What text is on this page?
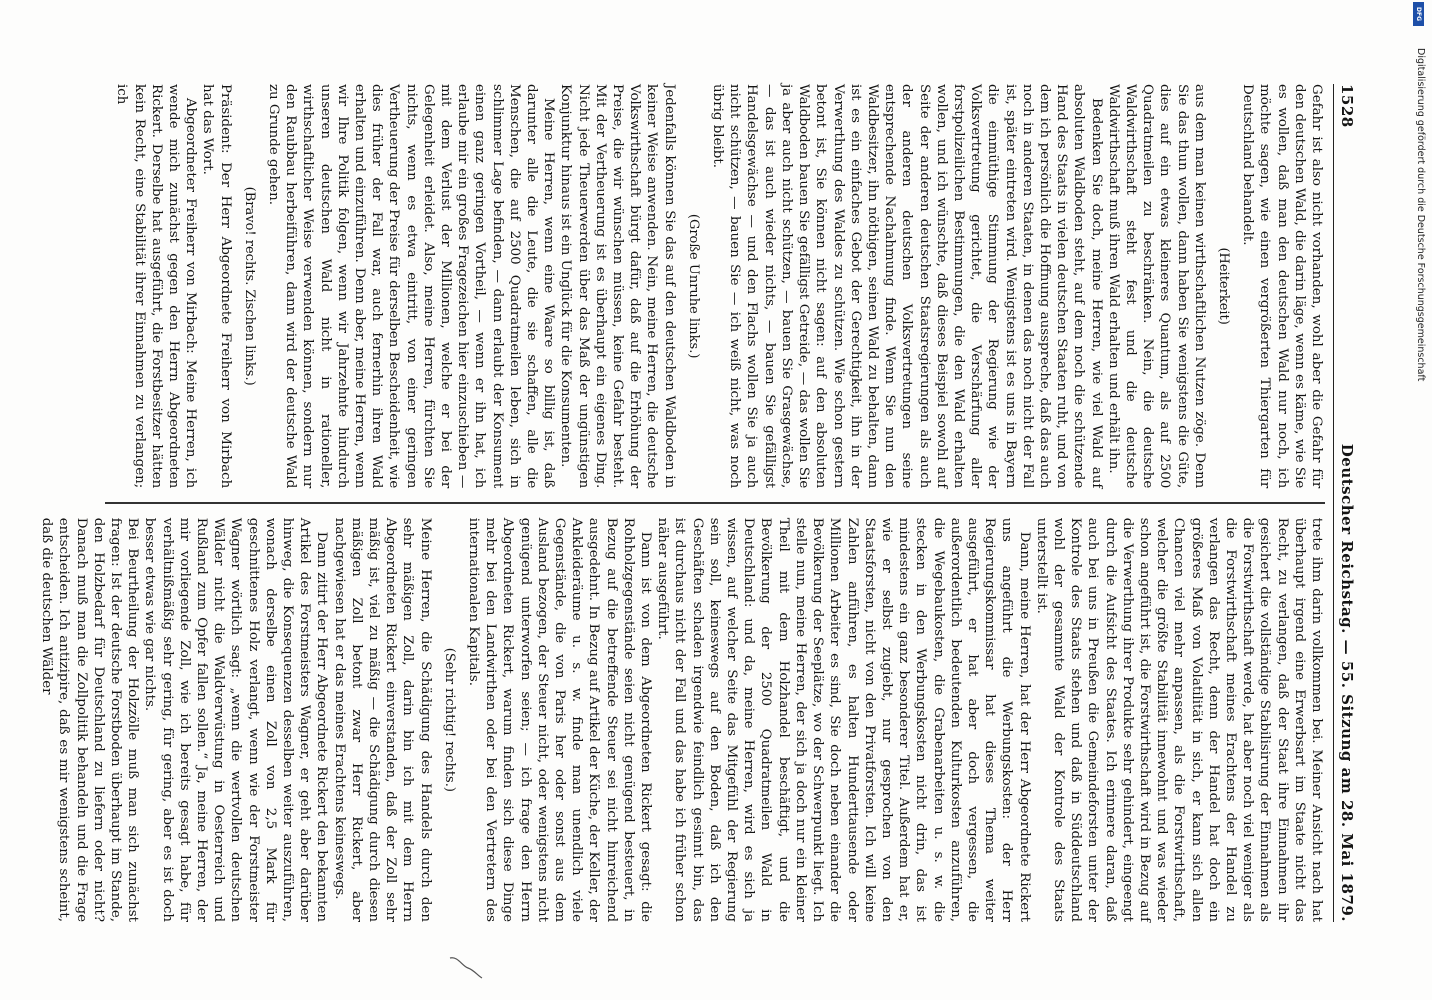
1528
Deutscher Reichstag. — 55. Sitzung am 28. Mai 1879.

Gefahr ist also nicht vorhanden, wohl aber die Gefahr für den deutschen Wald, die darin läge, wenn es käme, wie Sie es wollen, daß man den deutschen Wald nur noch, ich möchte sagen, wie einen vergrößerten Thiergarten für Deutschland behandelt.

(Heiterkeit)

aus dem man keinen wirthschaftlichen Nutzen zöge. Denn Sie das thun wollen, dann haben Sie wenigstens die Güte, dies auf ein etwas kleineres Quantum, als auf 2500 Quadratmeilen zu beschränken. Nein, die deutsche Waldwirthschaft steht fest und die deutsche Waldwirthschaft muß ihren Wald erhalten und erhält ihn.

Bedenken Sie doch, meine Herren, wie viel Wald auf absoluten Waldboden steht, auf dem noch die schützende Hand des Staats in vielen deutschen Staaten ruht, und von dem ich persönlich die Hoffnung ausspreche, daß das auch noch in anderen Staaten, in denen das noch nicht der Fall ist, später eintreten wird. Wenigstens ist es uns in Bayern die einmüthige Stimmung der Regierung wie der Volksvertretung gerichtet, die Verschärfung aller forstpolizeilichen Bestimmungen, die den Wald erhalten wollen, und ich wünschte, daß dieses Beispiel sowohl auf Seite der anderen deutschen Staatsregierungen als auch der anderen deutschen Volksvertretungen seine entsprechende Nachahmung finde. Wenn Sie nun den Waldbesitzer, ihn nöthigen, seinen Wald zu behalten, dann ist es ein einfaches Gebot der Gerechtigkeit, ihn in der Verwerthung des Waldes zu schützen. Wie schon gestern betont ist, Sie können nicht sagen: auf den absoluten Waldboden bauen Sie gefälligst Getreide, — das wollen Sie ja aber auch nicht schützen, — bauen Sie Grasgewächse, — das ist auch wieder nichts, — bauen Sie gefälligst Handelsgewächse — und den Flachs wollen Sie ja auch nicht schützen, — bauen Sie — ich weiß nicht, was noch übrig bleibt.

(Große Unruhe links.)

Jedenfalls können Sie das auf den deutschen Waldboden in keiner Weise anwenden. Nein, meine Herren, die deutsche Volkswirthschaft bürgt dafür, daß auf die Erhöhung der Preise, die wir wünschen müssen, keine Gefahr besteht. Mit der Vertheuerung ist es überhaupt ein eigenes Ding. Nicht jede Theuerwerden über das Maß der ungünstigen Konjunktur hinaus ist ein Unglück für die Konsumenten.

Meine Herren, wenn eine Waare so billig ist, daß darunter alle die Leute, die sie schaffen, alle die Menschen, die auf 2500 Quadratmeilen leben, sich in schlimmer Lage befinden, — dann erlaubt der Konsument einen ganz geringen Vortheil, — wenn er ihn hat, ich erlaube mir ein großes Fragezeichen hier einzuschieben — mit dem Verlust der Millionen, welche er bei der Gelegenheit erleidet. Also, meine Herren, fürchten Sie nichts, wenn es etwa eintritt, von einer geringen Vertheuerung der Preise für derselben Bescheidenheit, wie dies früher der Fall war, auch fernerhin ihren Wald erhalten und einzuführen. Denn aber, meine Herren, wenn wir Ihre Politik folgen, wenn wir Jahrzehnte hindurch unseren deutschen Wald nicht in rationeller, wirthschaftlicher Weise verwenden können, sondern nur den Raubbau herbeiführen, dann wird der deutsche Wald zu Grunde gehen.

(Bravo! rechts. Zischen links.)

Präsident: Der Herr Abgeordnete Freiherr von Mirbach hat das Wort.

Abgeordneter Freiherr von Mirbach: Meine Herren, ich wende mich zunächst gegen den Herrn Abgeordneten Rickert. Derselbe hat ausgeführt, die Forstbesitzer hätten kein Recht, eine Stabilität ihrer Einnahmen zu verlangen; ich

trete ihm darin vollkommen bei. Meiner Ansicht nach hat überhaupt irgend eine Erwerbsart im Staate nicht das Recht, zu verlangen, daß der Staat ihre Einnahmen ihr gesichert die vollständige Stabilisirung der Einnahmen als die Forstwirthschaft werde, hat aber noch viel weniger als die Forstwirthschaft meines Erachtens der Handel zu verlangen das Recht, denn der Handel hat doch ein größeres Maß von Volatilität in sich, er kann sich allen Chancen viel mehr anpassen, als die Forstwirthschaft, welcher die größte Stabilität innewohnt und was wieder schon angeführt ist, die Forstwirthschaft wird in Bezug auf die Verwerthung ihrer Produkte sehr gehindert, eingeengt durch die Aufsicht des Staates. Ich erinnere daran, daß auch bei uns in Preußen die Gemeindeforsten unter der Kontrole des Staats stehen und daß in Süddeutschland wohl der gesammte Wald der Kontrole des Staats unterstellt ist.

Dann, meine Herren, hat der Herr Abgeordnete Rickert uns angeführt die Werbungskosten: der Herr Regierungskommissar hat dieses Thema weiter ausgeführt, er hat aber doch vergessen, die außerordentlich bedeutenden Kulturkosten anzuführen, die Wegebaukosten, die Grabenarbeiten u. s. w. die stecken in den Werbungskosten nicht drin, das ist mindestens ein ganz besonderer Titel. Außerdem hat er, wie er selbst zugiebt, nur gesprochen von den Staatsforsten, nicht von den Privatforsten. Ich will keine Zahlen anführen, es halten Hunderttausende oder Millionen Arbeiter es sind, Sie doch neben einander die Bevölkerung der Seeplätze, wo der Schwerpunkt liegt. Ich stelle nun, meine Herren, der sich ja doch nur ein kleiner Theil mit dem Holzhandel beschäftigt, und die Bevölkerung der 2500 Quadratmeilen Wald in Deutschland: und da, meine Herren, wird es sich ja wissen, auf welcher Seite das Mitgefühl der Regierung sein soll, keineswegs auf den Boden, daß ich den Geschäften schaden irgendwie feindlich gesinnt bin, das ist durchaus nicht der Fall und das habe ich früher schon näher ausgeführt.

Dann ist von dem Abgeordneten Rickert gesagt: die Rohholzgegenstände seien nicht genügend besteuert, in Bezug auf die betreffende Steuer sei nicht hinreichend ausgedehnt. In Bezug auf Artikel der Küche, der Keller, der Ankleideräume u. s. w. finde man unendlich viele Gegenstände, die von Paris her oder sonst aus dem Ausland bezogen, der Steuer nicht, oder wenigstens nicht genügend unterworfen seien; — ich frage den Herrn Abgeordneten Rickert, warum finden sich diese Dinge mehr bei den Landwirthen oder bei den Vertretern des internationalen Kapitals.

(Sehr richtig! rechts.)

Meine Herren, die Schädigung des Handels durch den sehr mäßigen Zoll, darin bin ich mit dem Herrn Abgeordneten Rickert einverstanden, daß der Zoll sehr mäßig ist, viel zu mäßig — die Schädigung durch diesen mäßigen Zoll betont zwar Herr Rickert, aber nachgewiesen hat er das meines Erachtens keineswegs.

Dann zitirt der Herr Abgeordnete Rickert den bekannten Artikel des Forstmeisters Wagner, er geht aber darüber hinweg, die Konsequenzen desselben weiter auszuführen, wonach derselbe einen Zoll von 2,5 Mark für geschnittenes Holz verlangt, wenn wie der Forstmeister Wagner wörtlich sagt: „wenn die wertvollen deutschen Wälder nicht die Waldverwüstung in Oesterreich und Rußland zum Opfer fallen sollen.“ Ja, meine Herren, der mir vorliegende Zoll, wie ich bereits gesagt habe, für verhältnißmäßig sehr gering, für gering, aber es ist doch besser etwas wie gar nichts.

Bei Beurtheilung der Holzzölle muß man sich zunächst fragen: Ist der deutsche Forstboden überhaupt im Stande, den Holzbedarf für Deutschland zu liefern oder nicht? Danach muß man die Zollpolitik behandeln und die Frage entscheiden. Ich antizipire, daß es mir wenigstens scheint, daß die deutschen Wälder

Digitalisierung gefördert durch die Deutsche Forschungsgemeinschaft
DFG
